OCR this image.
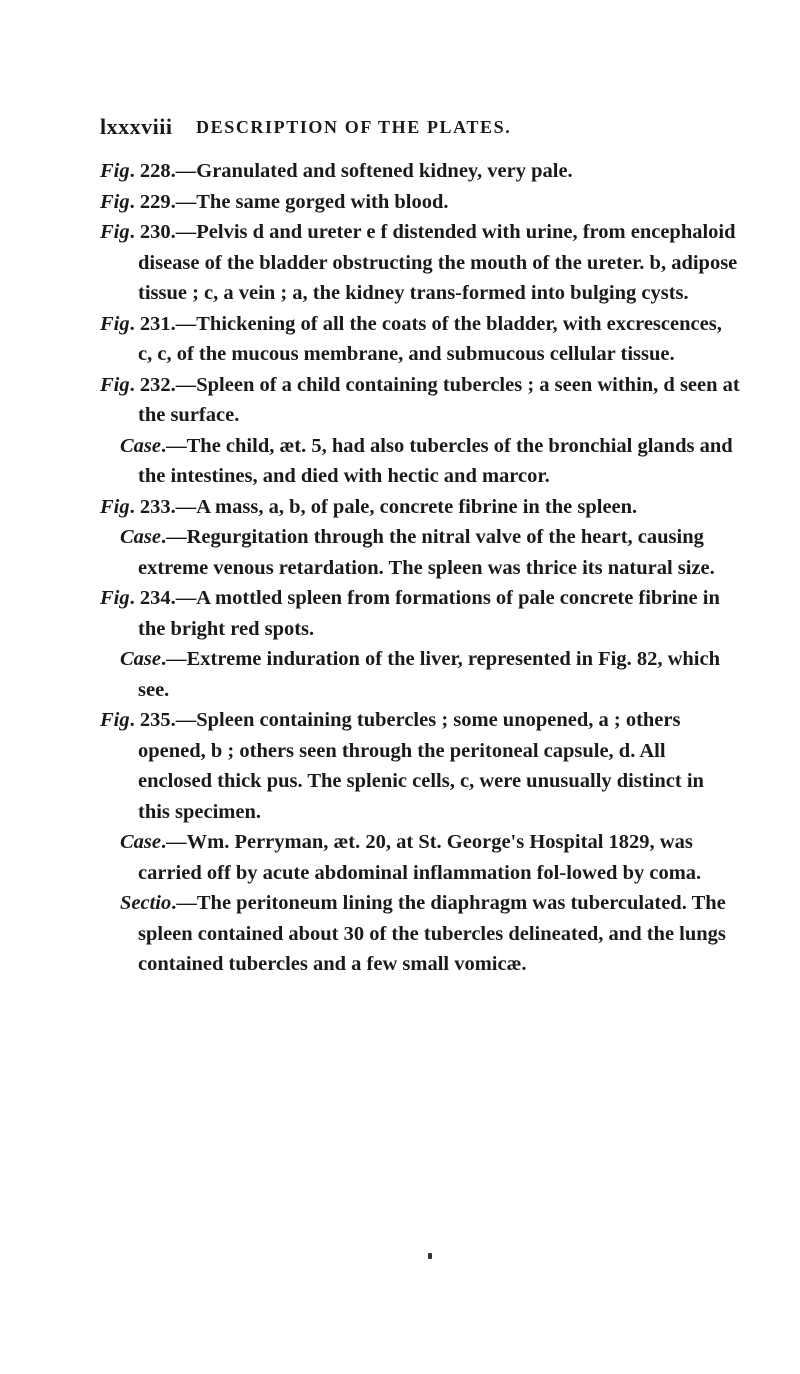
lxxxviii DESCRIPTION OF THE PLATES.

Fig. 228.—Granulated and softened kidney, very pale.

Fig. 229.—The same gorged with blood.

Fig. 230.—Pelvis d and ureter e f distended with urine, from encephaloid disease of the bladder obstructing the mouth of the ureter. b, adipose tissue ; c, a vein ; a, the kidney trans-formed into bulging cysts.

Fig. 231.—Thickening of all the coats of the bladder, with excrescences, c, c, of the mucous membrane, and submucous cellular tissue.

Fig. 232.—Spleen of a child containing tubercles ; a seen within, d seen at the surface.

Case.—The child, æt. 5, had also tubercles of the bronchial glands and the intestines, and died with hectic and marcor.

Fig. 233.—A mass, a, b, of pale, concrete fibrine in the spleen.

Case.—Regurgitation through the nitral valve of the heart, causing extreme venous retardation. The spleen was thrice its natural size.

Fig. 234.—A mottled spleen from formations of pale concrete fibrine in the bright red spots.

Case.—Extreme induration of the liver, represented in Fig. 82, which see.

Fig. 235.—Spleen containing tubercles ; some unopened, a ; others opened, b ; others seen through the peritoneal capsule, d. All enclosed thick pus. The splenic cells, c, were unusually distinct in this specimen.

Case.—Wm. Perryman, æt. 20, at St. George's Hospital 1829, was carried off by acute abdominal inflammation fol-lowed by coma.

Sectio.—The peritoneum lining the diaphragm was tuberculated. The spleen contained about 30 of the tubercles delineated, and the lungs contained tubercles and a few small vomicæ.
